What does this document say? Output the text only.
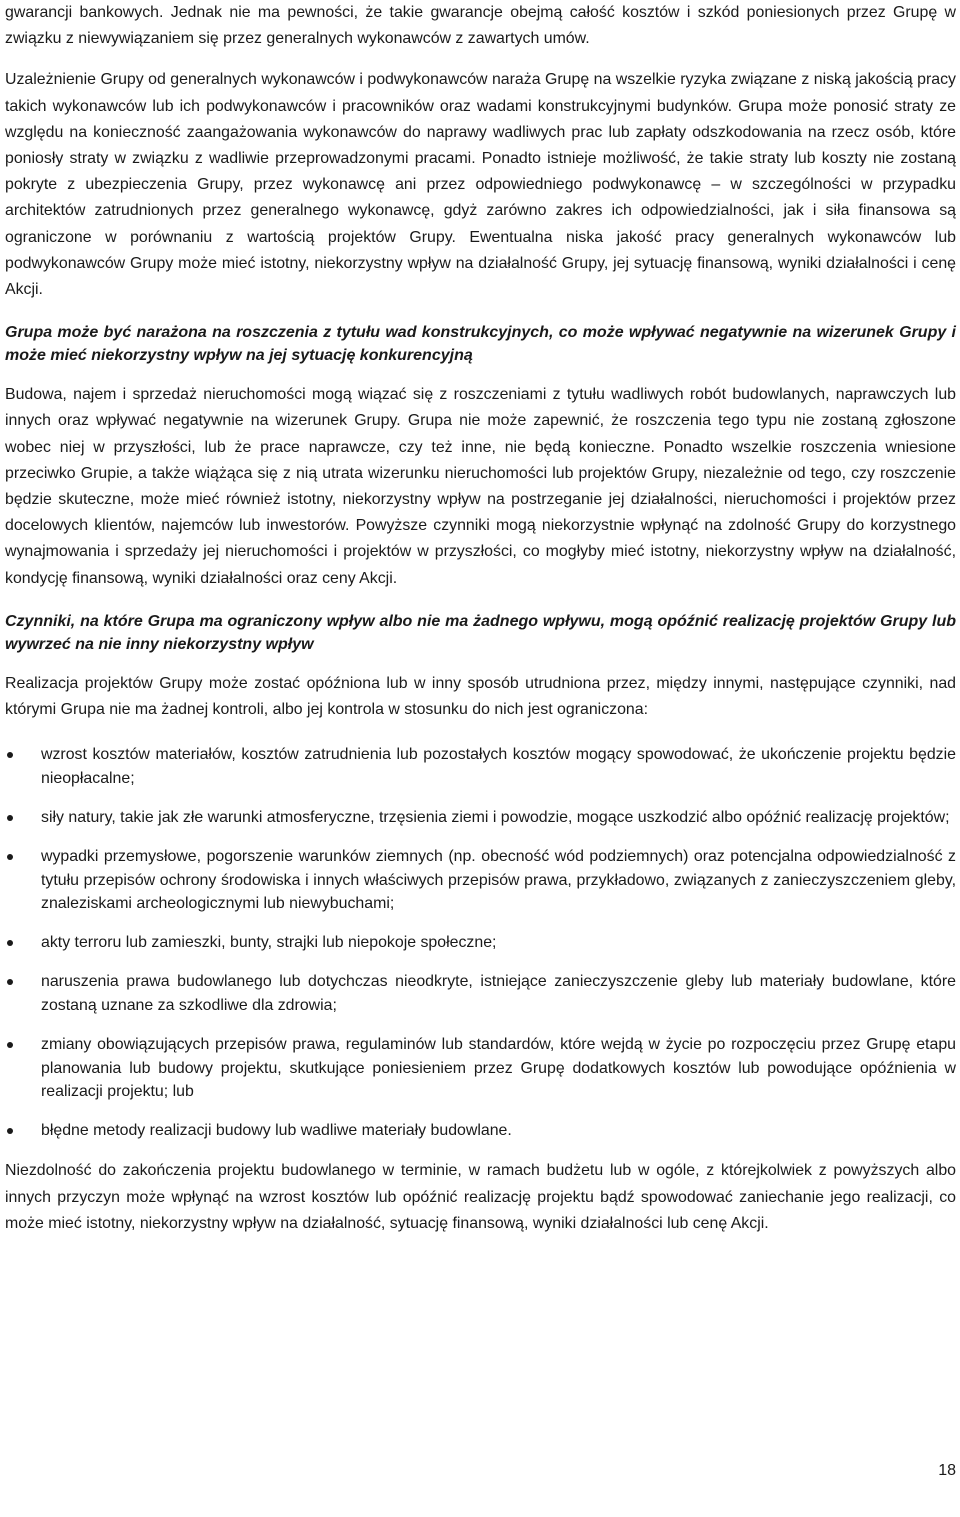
gwarancji bankowych. Jednak nie ma pewności, że takie gwarancje obejmą całość kosztów i szkód poniesionych przez Grupę w związku z niewywiązaniem się przez generalnych wykonawców z zawartych umów.

Uzależnienie Grupy od generalnych wykonawców i podwykonawców naraża Grupę na wszelkie ryzyka związane z niską jakością pracy takich wykonawców lub ich podwykonawców i pracowników oraz wadami konstrukcyjnymi budynków. Grupa może ponosić straty ze względu na konieczność zaangażowania wykonawców do naprawy wadliwych prac lub zapłaty odszkodowania na rzecz osób, które poniosły straty w związku z wadliwie przeprowadzonymi pracami. Ponadto istnieje możliwość, że takie straty lub koszty nie zostaną pokryte z ubezpieczenia Grupy, przez wykonawcę ani przez odpowiedniego podwykonawcę – w szczególności w przypadku architektów zatrudnionych przez generalnego wykonawcę, gdyż zarówno zakres ich odpowiedzialności, jak i siła finansowa są ograniczone w porównaniu z wartością projektów Grupy. Ewentualna niska jakość pracy generalnych wykonawców lub podwykonawców Grupy może mieć istotny, niekorzystny wpływ na działalność Grupy, jej sytuację finansową, wyniki działalności i cenę Akcji.

Grupa może być narażona na roszczenia z tytułu wad konstrukcyjnych, co może wpływać negatywnie na wizerunek Grupy i może mieć niekorzystny wpływ na jej sytuację konkurencyjną

Budowa, najem i sprzedaż nieruchomości mogą wiązać się z roszczeniami z tytułu wadliwych robót budowlanych, naprawczych lub innych oraz wpływać negatywnie na wizerunek Grupy. Grupa nie może zapewnić, że roszczenia tego typu nie zostaną zgłoszone wobec niej w przyszłości, lub że prace naprawcze, czy też inne, nie będą konieczne. Ponadto wszelkie roszczenia wniesione przeciwko Grupie, a także wiążąca się z nią utrata wizerunku nieruchomości lub projektów Grupy, niezależnie od tego, czy roszczenie będzie skuteczne, może mieć również istotny, niekorzystny wpływ na postrzeganie jej działalności, nieruchomości i projektów przez docelowych klientów, najemców lub inwestorów. Powyższe czynniki mogą niekorzystnie wpłynąć na zdolność Grupy do korzystnego wynajmowania i sprzedaży jej nieruchomości i projektów w przyszłości, co mogłyby mieć istotny, niekorzystny wpływ na działalność, kondycję finansową, wyniki działalności oraz ceny Akcji.

Czynniki, na które Grupa ma ograniczony wpływ albo nie ma żadnego wpływu, mogą opóźnić realizację projektów Grupy lub wywrzeć na nie inny niekorzystny wpływ

Realizacja projektów Grupy może zostać opóźniona lub w inny sposób utrudniona przez, między innymi, następujące czynniki, nad którymi Grupa nie ma żadnej kontroli, albo jej kontrola w stosunku do nich jest ograniczona:

wzrost kosztów materiałów, kosztów zatrudnienia lub pozostałych kosztów mogący spowodować, że ukończenie projektu będzie nieopłacalne;
siły natury, takie jak złe warunki atmosferyczne, trzęsienia ziemi i powodzie, mogące uszkodzić albo opóźnić realizację projektów;
wypadki przemysłowe, pogorszenie warunków ziemnych (np. obecność wód podziemnych) oraz potencjalna odpowiedzialność z tytułu przepisów ochrony środowiska i innych właściwych przepisów prawa, przykładowo, związanych z zanieczyszczeniem gleby, znaleziskami archeologicznymi lub niewybuchami;
akty terroru lub zamieszki, bunty, strajki lub niepokoje społeczne;
naruszenia prawa budowlanego lub dotychczas nieodkryte, istniejące zanieczyszczenie gleby lub materiały budowlane, które zostaną uznane za szkodliwe dla zdrowia;
zmiany obowiązujących przepisów prawa, regulaminów lub standardów, które wejdą w życie po rozpoczęciu przez Grupę etapu planowania lub budowy projektu, skutkujące poniesieniem przez Grupę dodatkowych kosztów lub powodujące opóźnienia w realizacji projektu; lub
błędne metody realizacji budowy lub wadliwe materiały budowlane.

Niezdolność do zakończenia projektu budowlanego w terminie, w ramach budżetu lub w ogóle, z którejkolwiek z powyższych albo innych przyczyn może wpłynąć na wzrost kosztów lub opóźnić realizację projektu bądź spowodować zaniechanie jego realizacji, co może mieć istotny, niekorzystny wpływ na działalność, sytuację finansową, wyniki działalności lub cenę Akcji.

18
